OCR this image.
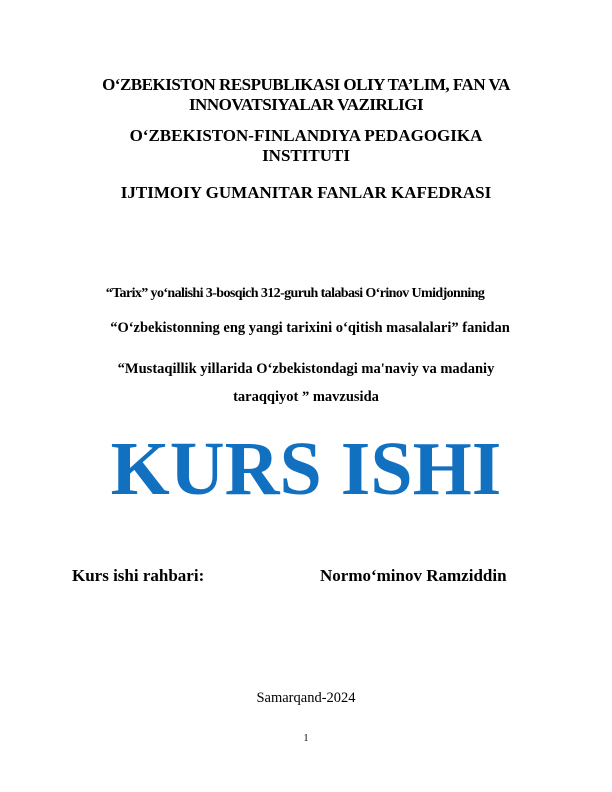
O‘ZBEKISTON RESPUBLIKASI OLIY TA’LIM, FAN VA
INNOVATSIYALAR VAZIRLIGI
O‘ZBEKISTON-FINLANDIYA PEDAGOGIKA
INSTITUTI
IJTIMOIY GUMANITAR FANLAR KAFEDRASI
“Tarix” yo‘nalishi 3-bosqich 312-guruh talabasi O‘rinov Umidjonning
“O‘zbekistonning eng yangi tarixini o‘qitish masalalari” fanidan
“Mustaqillik yillarida O‘zbekistondagi ma'naviy va madaniy
taraqqiyot ” mavzusida
KURS ISHI
Kurs ishi rahbari:	Normo‘minov Ramziddin
Samarqand-2024
1
